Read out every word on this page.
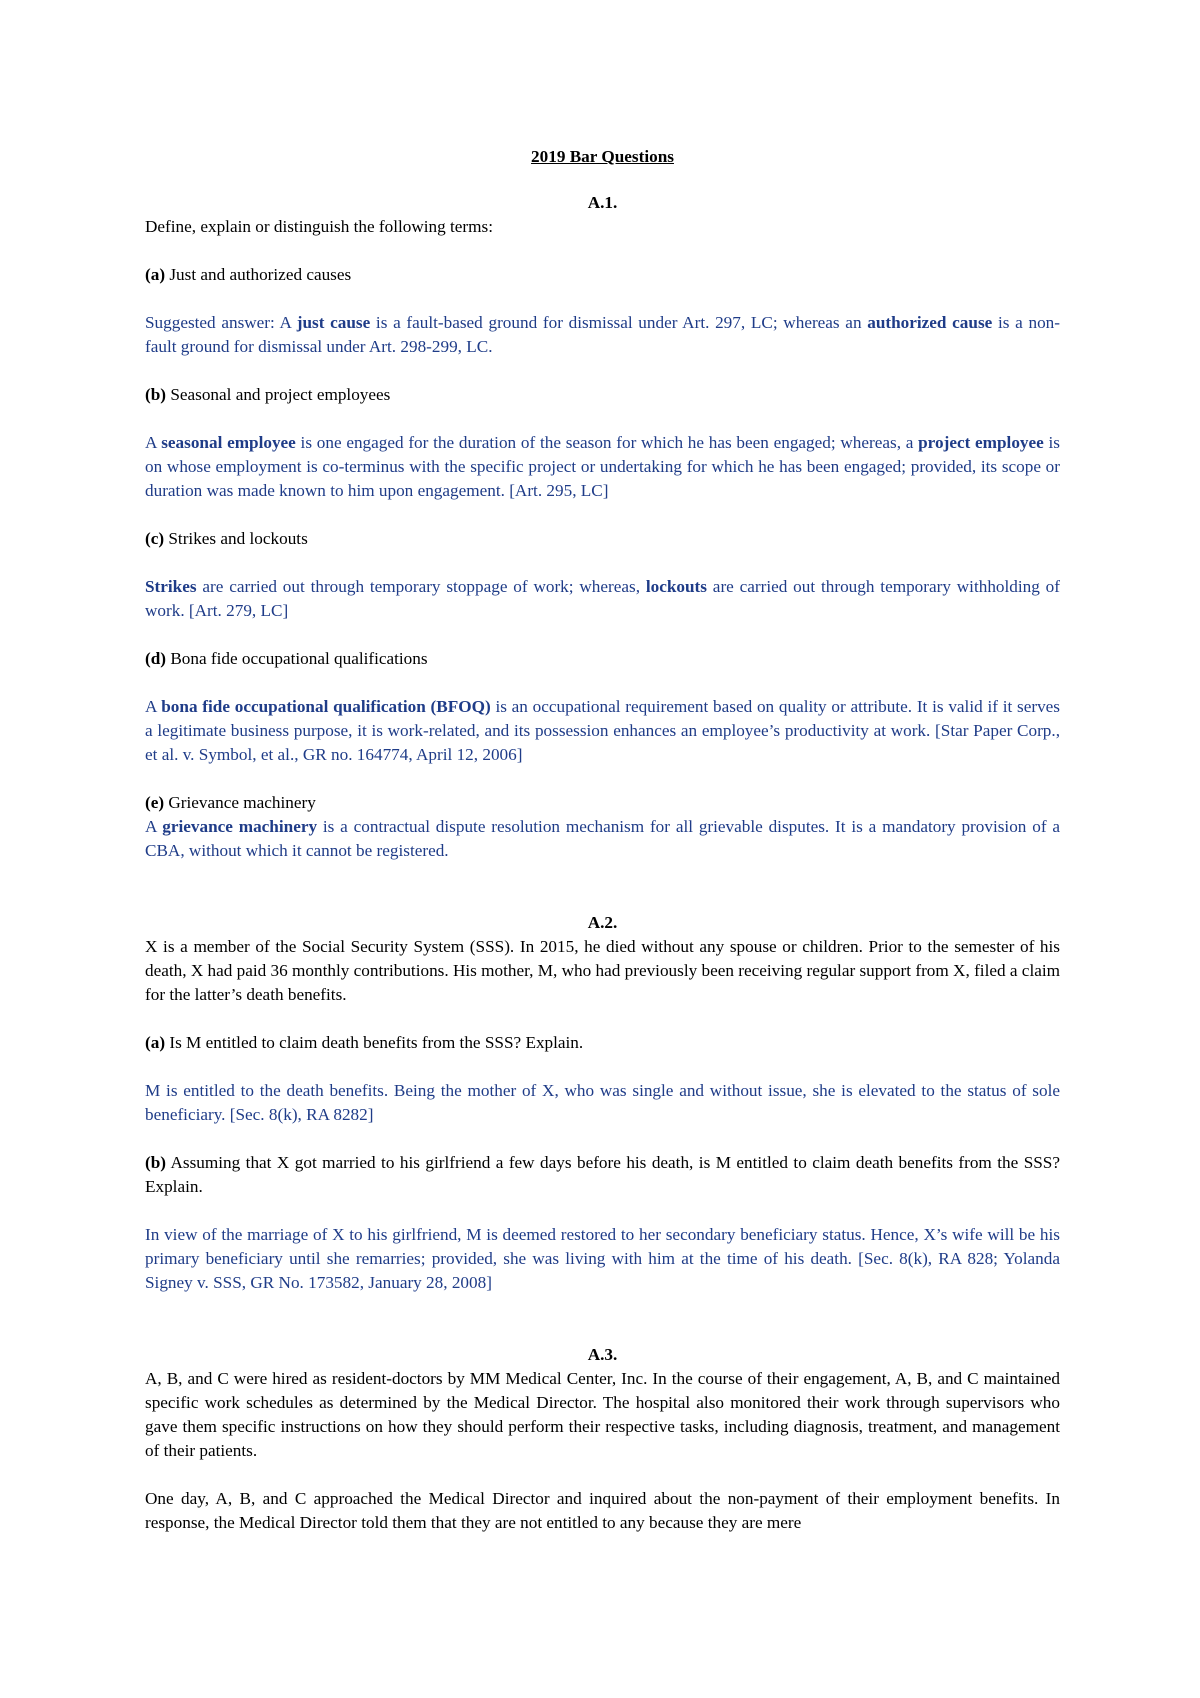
2019 Bar Questions
A.1.

Define, explain or distinguish the following terms:

(a) Just and authorized causes

Suggested answer: A just cause is a fault-based ground for dismissal under Art. 297, LC; whereas an authorized cause is a non-fault ground for dismissal under Art. 298-299, LC.

(b) Seasonal and project employees

A seasonal employee is one engaged for the duration of the season for which he has been engaged; whereas, a project employee is on whose employment is co-terminus with the specific project or undertaking for which he has been engaged; provided, its scope or duration was made known to him upon engagement. [Art. 295, LC]

(c) Strikes and lockouts

Strikes are carried out through temporary stoppage of work; whereas, lockouts are carried out through temporary withholding of work. [Art. 279, LC]

(d) Bona fide occupational qualifications

A bona fide occupational qualification (BFOQ) is an occupational requirement based on quality or attribute. It is valid if it serves a legitimate business purpose, it is work-related, and its possession enhances an employee’s productivity at work. [Star Paper Corp., et al. v. Symbol, et al., GR no. 164774, April 12, 2006]

(e) Grievance machinery

A grievance machinery is a contractual dispute resolution mechanism for all grievable disputes. It is a mandatory provision of a CBA, without which it cannot be registered.

A.2.

X is a member of the Social Security System (SSS). In 2015, he died without any spouse or children. Prior to the semester of his death, X had paid 36 monthly contributions. His mother, M, who had previously been receiving regular support from X, filed a claim for the latter’s death benefits.

(a) Is M entitled to claim death benefits from the SSS? Explain.

M is entitled to the death benefits. Being the mother of X, who was single and without issue, she is elevated to the status of sole beneficiary. [Sec. 8(k), RA 8282]

(b) Assuming that X got married to his girlfriend a few days before his death, is M entitled to claim death benefits from the SSS? Explain.

In view of the marriage of X to his girlfriend, M is deemed restored to her secondary beneficiary status. Hence, X’s wife will be his primary beneficiary until she remarries; provided, she was living with him at the time of his death. [Sec. 8(k), RA 828; Yolanda Signey v. SSS, GR No. 173582, January 28, 2008]

A.3.

A, B, and C were hired as resident-doctors by MM Medical Center, Inc. In the course of their engagement, A, B, and C maintained specific work schedules as determined by the Medical Director. The hospital also monitored their work through supervisors who gave them specific instructions on how they should perform their respective tasks, including diagnosis, treatment, and management of their patients.

One day, A, B, and C approached the Medical Director and inquired about the non-payment of their employment benefits. In response, the Medical Director told them that they are not entitled to any because they are mere
